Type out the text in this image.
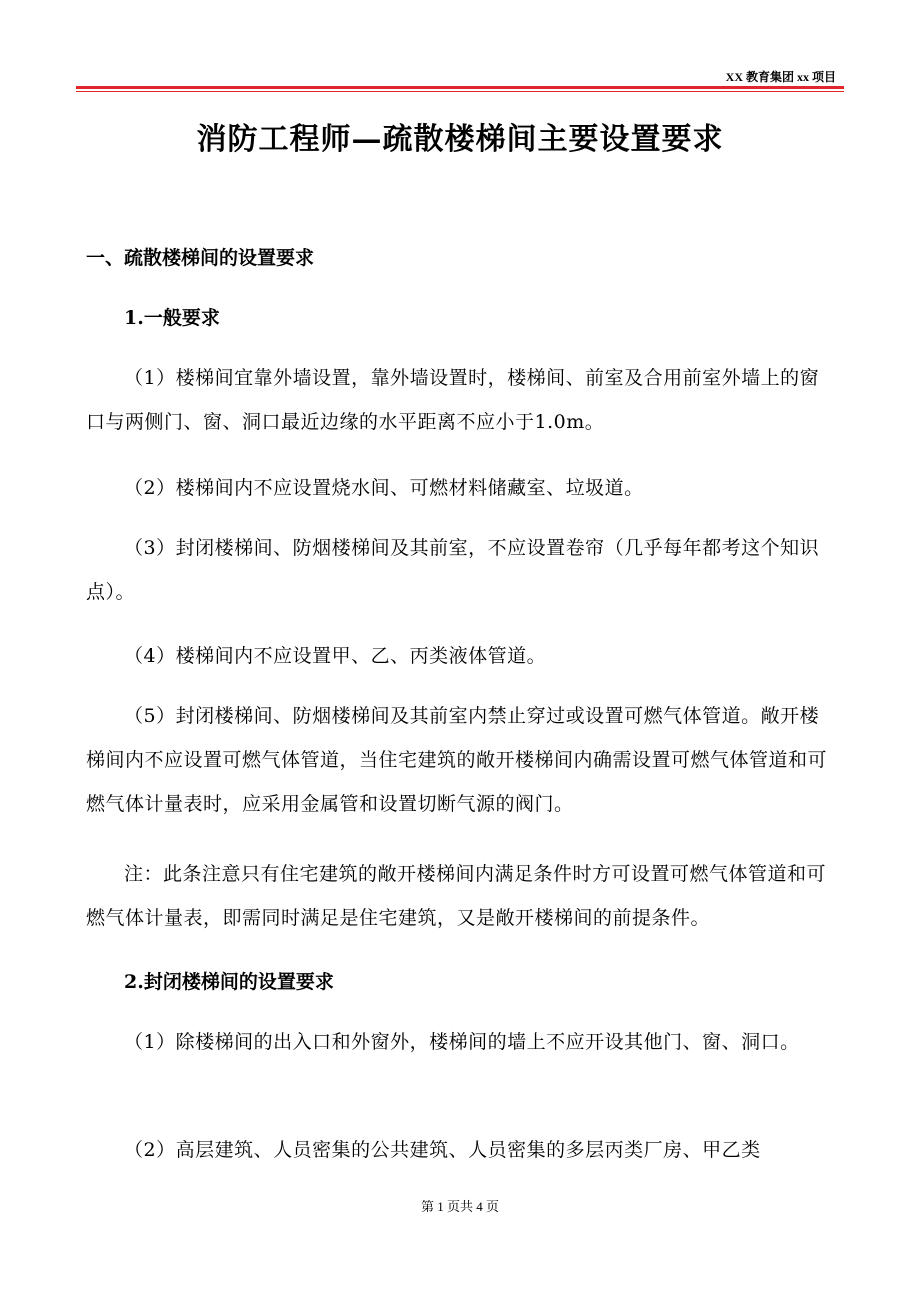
XX 教育集团 xx 项目
消防工程师—疏散楼梯间主要设置要求
一、疏散楼梯间的设置要求
1.一般要求
（1）楼梯间宜靠外墙设置，靠外墙设置时，楼梯间、前室及合用前室外墙上的窗口与两侧门、窗、洞口最近边缘的水平距离不应小于1.0m。
（2）楼梯间内不应设置烧水间、可燃材料储藏室、垃圾道。
（3）封闭楼梯间、防烟楼梯间及其前室，不应设置卷帘（几乎每年都考这个知识点）。
（4）楼梯间内不应设置甲、乙、丙类液体管道。
（5）封闭楼梯间、防烟楼梯间及其前室内禁止穿过或设置可燃气体管道。敞开楼梯间内不应设置可燃气体管道，当住宅建筑的敞开楼梯间内确需设置可燃气体管道和可燃气体计量表时，应采用金属管和设置切断气源的阀门。
注：此条注意只有住宅建筑的敞开楼梯间内满足条件时方可设置可燃气体管道和可燃气体计量表，即需同时满足是住宅建筑，又是敞开楼梯间的前提条件。
2.封闭楼梯间的设置要求
（1）除楼梯间的出入口和外窗外，楼梯间的墙上不应开设其他门、窗、洞口。
（2）高层建筑、人员密集的公共建筑、人员密集的多层丙类厂房、甲乙类
第 1 页共 4 页
